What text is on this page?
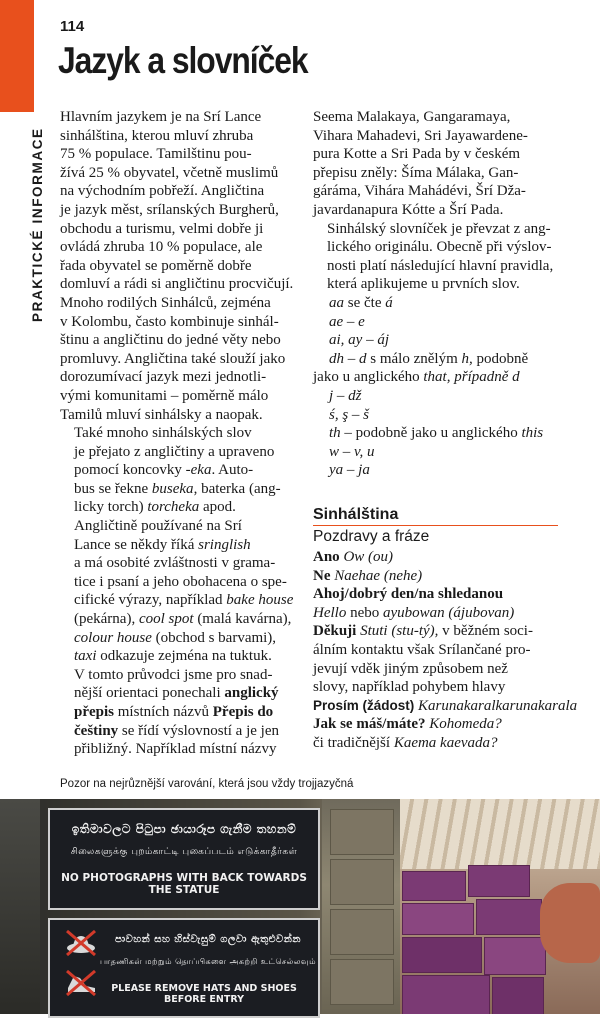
PRAKTICKÉ INFORMACE
114
Jazyk a slovníček

Hlavním jazykem je na Srí Lance
sinhálština, kterou mluví zhruba
75 % populace. Tamilštinu pou-
žívá 25 % obyvatel, včetně muslimů
na východním pobřeží. Angličtina
je jazyk měst, srílanských Burgherů,
obchodu a turismu, velmi dobře ji
ovládá zhruba 10 % populace, ale
řada obyvatel se poměrně dobře
domluví a rádi si angličtinu procvičují.
Mnoho rodilých Sinhálců, zejména
v Kolombu, často kombinuje sinhál-
štinu a angličtinu do jedné věty nebo
promluvy. Angličtina také slouží jako
dorozumívací jazyk mezi jednotli-
vými komunitami – poměrně málo
Tamilů mluví sinhálsky a naopak.

Také mnoho sinhálských slov
je přejato z angličtiny a upraveno
pomocí koncovky -eka. Auto-
bus se řekne buseka, baterka (ang-
licky torch) torcheka apod.

Angličtině používané na Srí
Lance se někdy říká sringlish
a má osobité zvláštnosti v grama-
tice i psaní a jeho obohacena o spe-
cifické výrazy, například bake house
(pekárna), cool spot (malá kavárna),
colour house (obchod s barvami),
taxi odkazuje zejména na tuktuk.

V tomto průvodci jsme pro snad-
nější orientaci ponechali anglický
přepis místních názvů Přepis do
češtiny se řídí výslovností a je jen
přibližný. Například místní názvy

Seema Malakaya, Gangaramaya,
Vihara Mahadevi, Sri Jayawardene-
pura Kotte a Sri Pada by v českém
přepisu zněly: Šíma Málaka, Gan-
gáráma, Vihára Mahádévi, Šrí Džа-
javardanapura Kótte a Šrí Pada.

Sinhálský slovníček je převzat z ang-
lického originálu. Obecně při výslov-
nosti platí následující hlavní pravidla,
která aplikujeme u prvních slov.

aa se čte á
ae – e
ai, ay – áj
dh – d s málo znělým h, podobně
jako u anglického that, případně d
j – dž
ś, ş – š
th – podobně jako u anglického this
w – v, u
ya – ja
Sinhálština
Pozdravy a fráze
Ano Ow (ou)
Ne Naehae (nehe)
Ahoj/dobrý den/na shledanou
Hello nebo ayubowan (ájubovan)
Děkuji Stuti (stu-tý), v běžném soci-
álním kontaktu však Srílančané pro-
jevují vděk jiným způsobem než
slovy, například pohybem hlavy
Prosím (žádost) Karunakaralkarunakarala
Jak se máš/máte? Kohomeda?
či tradičnější Kaema kaevada?
Pozor na nejrůznější varování, která jsou vždy trojjazyčná
ඉතිමාවලට පිටුපා ඡායාරූප ගැනීම තහනම්
சிலைகளுக்கு புறம்காட்டி புகைப்படம் எடுக்காதீர்கள்
NO PHOTOGRAPHS WITH BACK TOWARDS THE STATUE
පාවහන් සහ හිස්වැසුම් ගලවා ඇතුළුවන්න
பாதணிகள் மற்றும் தொப்பிகளை அகற்றி உட்செல்லவும்
PLEASE REMOVE HATS AND SHOES BEFORE ENTRY
